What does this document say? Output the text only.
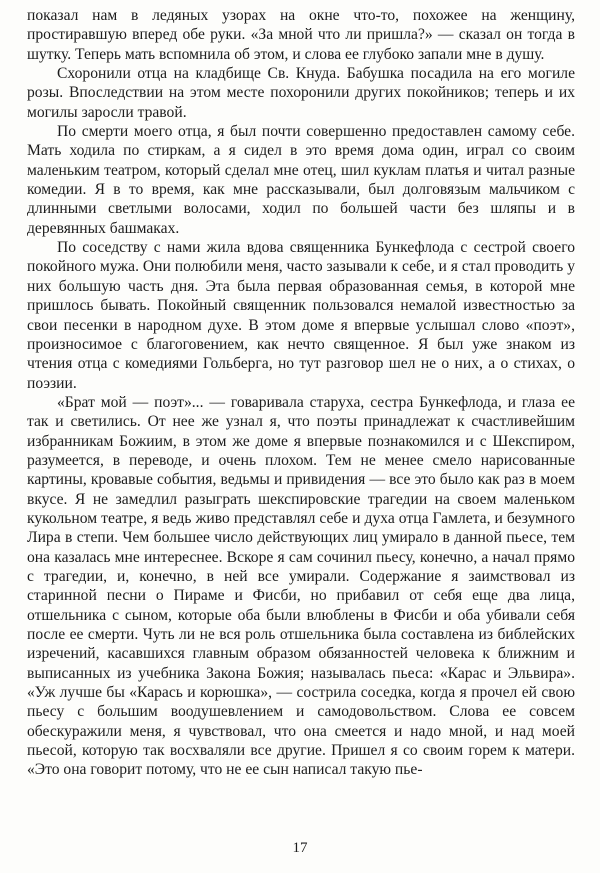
показал нам в ледяных узорах на окне что-то, похожее на женщину, простиравшую вперед обе руки. «За мной что ли пришла?» — сказал он тогда в шутку. Теперь мать вспомнила об этом, и слова ее глубоко запали мне в душу.

Схоронили отца на кладбище Св. Кнуда. Бабушка посадила на его могиле розы. Впоследствии на этом месте похоронили других покойников; теперь и их могилы заросли травой.

По смерти моего отца, я был почти совершенно предоставлен самому себе. Мать ходила по стиркам, а я сидел в это время дома один, играл со своим маленьким театром, который сделал мне отец, шил куклам платья и читал разные комедии. Я в то время, как мне рассказывали, был долговязым мальчиком с длинными светлыми волосами, ходил по большей части без шляпы и в деревянных башмаках.

По соседству с нами жила вдова священника Бункефлода с сестрой своего покойного мужа. Они полюбили меня, часто зазывали к себе, и я стал проводить у них большую часть дня. Эта была первая образованная семья, в которой мне пришлось бывать. Покойный священник пользовался немалой известностью за свои песенки в народном духе. В этом доме я впервые услышал слово «поэт», произносимое с благоговением, как нечто священное. Я был уже знаком из чтения отца с комедиями Гольберга, но тут разговор шел не о них, а о стихах, о поэзии.

«Брат мой — поэт»... — говаривала старуха, сестра Бункефлода, и глаза ее так и светились. От нее же узнал я, что поэты принадлежат к счастливейшим избранникам Божиим, в этом же доме я впервые познакомился и с Шекспиром, разумеется, в переводе, и очень плохом. Тем не менее смело нарисованные картины, кровавые события, ведьмы и привидения — все это было как раз в моем вкусе. Я не замедлил разыграть шекспировские трагедии на своем маленьком кукольном театре, я ведь живо представлял себе и духа отца Гамлета, и безумного Лира в степи. Чем большее число действующих лиц умирало в данной пьесе, тем она казалась мне интереснее. Вскоре я сам сочинил пьесу, конечно, а начал прямо с трагедии, и, конечно, в ней все умирали. Содержание я заимствовал из старинной песни о Пираме и Фисби, но прибавил от себя еще два лица, отшельника с сыном, которые оба были влюблены в Фисби и оба убивали себя после ее смерти. Чуть ли не вся роль отшельника была составлена из библейских изречений, касавшихся главным образом обязанностей человека к ближним и выписанных из учебника Закона Божия; называлась пьеса: «Карас и Эльвира». «Уж лучше бы «Карась и корюшка», — сострила соседка, когда я прочел ей свою пьесу с большим воодушевлением и самодовольством. Слова ее совсем обескуражили меня, я чувствовал, что она смеется и надо мной, и над моей пьесой, которую так восхваляли все другие. Пришел я со своим горем к матери. «Это она говорит потому, что не ее сын написал такую пье-

17
